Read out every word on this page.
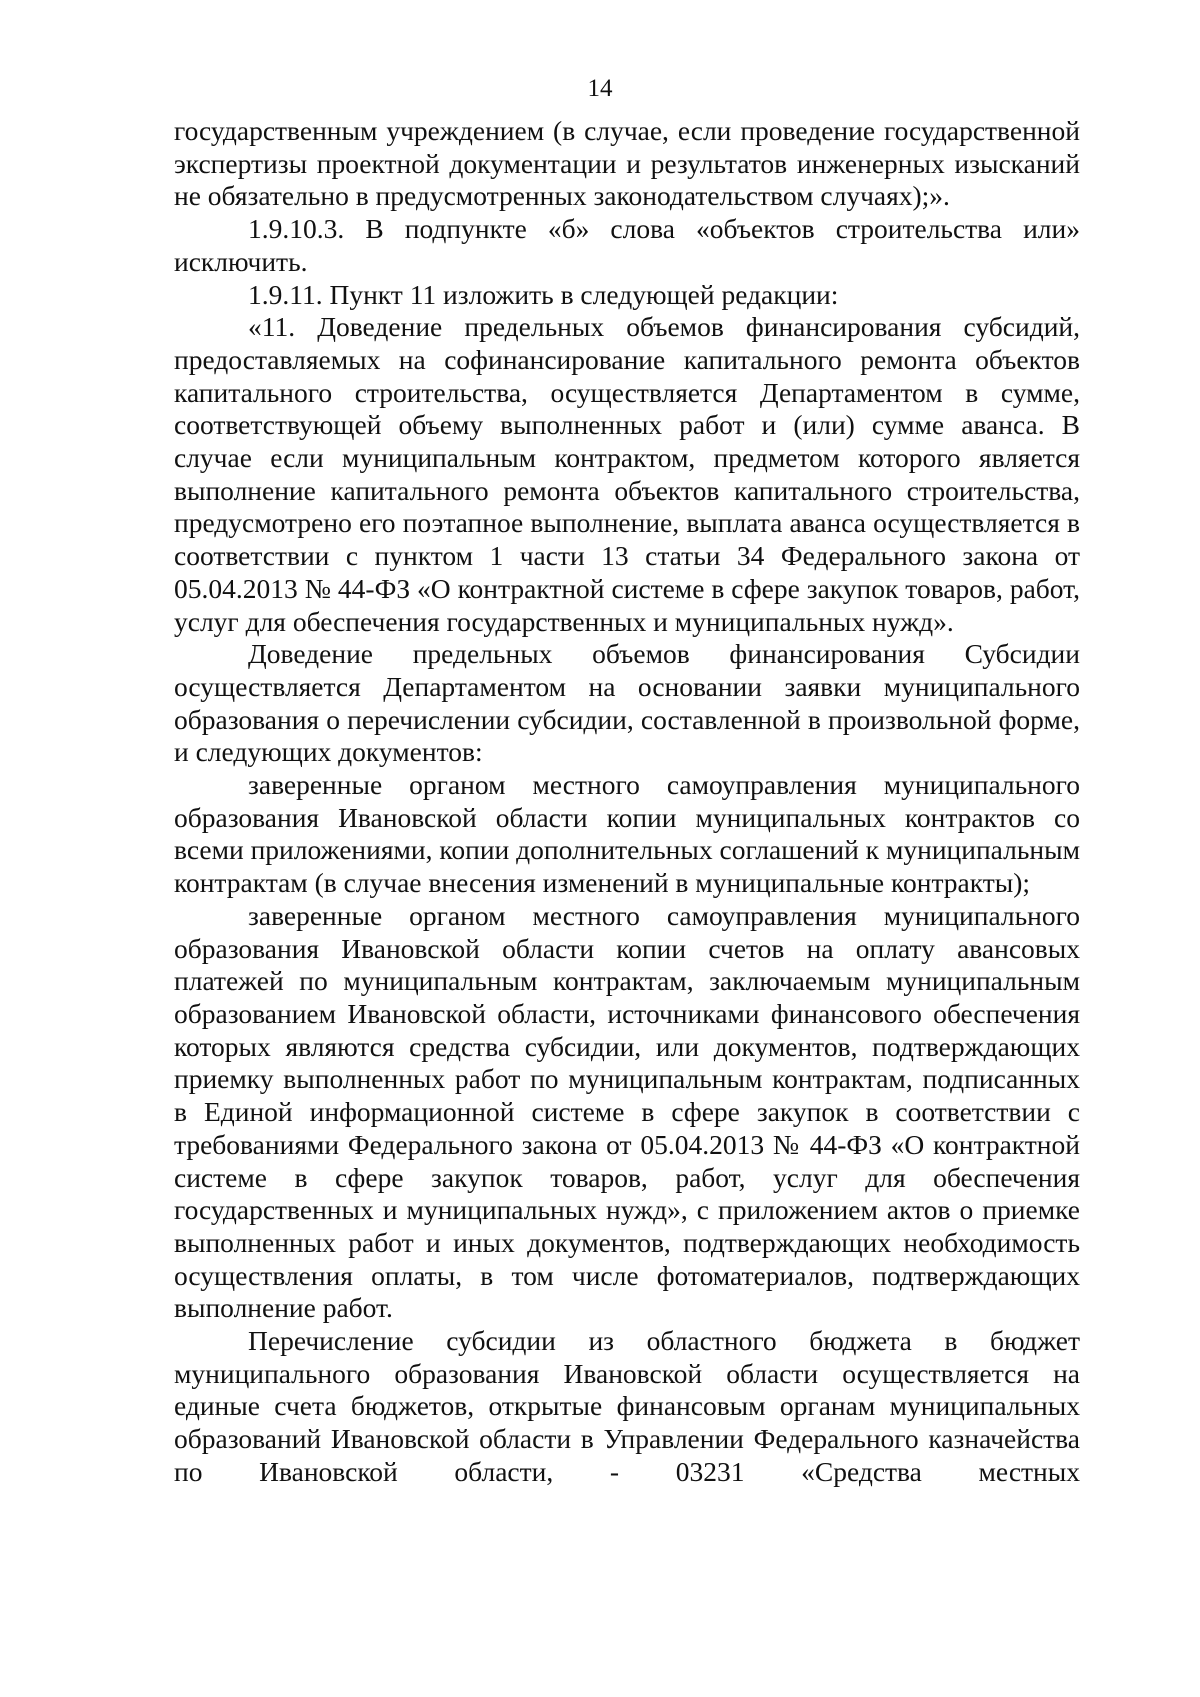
14

государственным учреждением (в случае, если проведение государственной экспертизы проектной документации и результатов инженерных изысканий не обязательно в предусмотренных законодательством случаях);».

1.9.10.3. В подпункте «б» слова «объектов строительства или» исключить.

1.9.11. Пункт 11 изложить в следующей редакции:

«11. Доведение предельных объемов финансирования субсидий, предоставляемых на софинансирование капитального ремонта объектов капитального строительства, осуществляется Департаментом в сумме, соответствующей объему выполненных работ и (или) сумме аванса. В случае если муниципальным контрактом, предметом которого является выполнение капитального ремонта объектов капитального строительства, предусмотрено его поэтапное выполнение, выплата аванса осуществляется в соответствии с пунктом 1 части 13 статьи 34 Федерального закона от 05.04.2013 № 44-ФЗ «О контрактной системе в сфере закупок товаров, работ, услуг для обеспечения государственных и муниципальных нужд».

Доведение предельных объемов финансирования Субсидии осуществляется Департаментом на основании заявки муниципального образования о перечислении субсидии, составленной в произвольной форме, и следующих документов:

заверенные органом местного самоуправления муниципального образования Ивановской области копии муниципальных контрактов со всеми приложениями, копии дополнительных соглашений к муниципальным контрактам (в случае внесения изменений в муниципальные контракты);

заверенные органом местного самоуправления муниципального образования Ивановской области копии счетов на оплату авансовых платежей по муниципальным контрактам, заключаемым муниципальным образованием Ивановской области, источниками финансового обеспечения которых являются средства субсидии, или документов, подтверждающих приемку выполненных работ по муниципальным контрактам, подписанных в Единой информационной системе в сфере закупок в соответствии с требованиями Федерального закона от 05.04.2013 № 44-ФЗ «О контрактной системе в сфере закупок товаров, работ, услуг для обеспечения государственных и муниципальных нужд», с приложением актов о приемке выполненных работ и иных документов, подтверждающих необходимость осуществления оплаты, в том числе фотоматериалов, подтверждающих выполнение работ.

Перечисление субсидии из областного бюджета в бюджет муниципального образования Ивановской области осуществляется на единые счета бюджетов, открытые финансовым органам муниципальных образований Ивановской области в Управлении Федерального казначейства по Ивановской области, - 03231 «Средства местных
